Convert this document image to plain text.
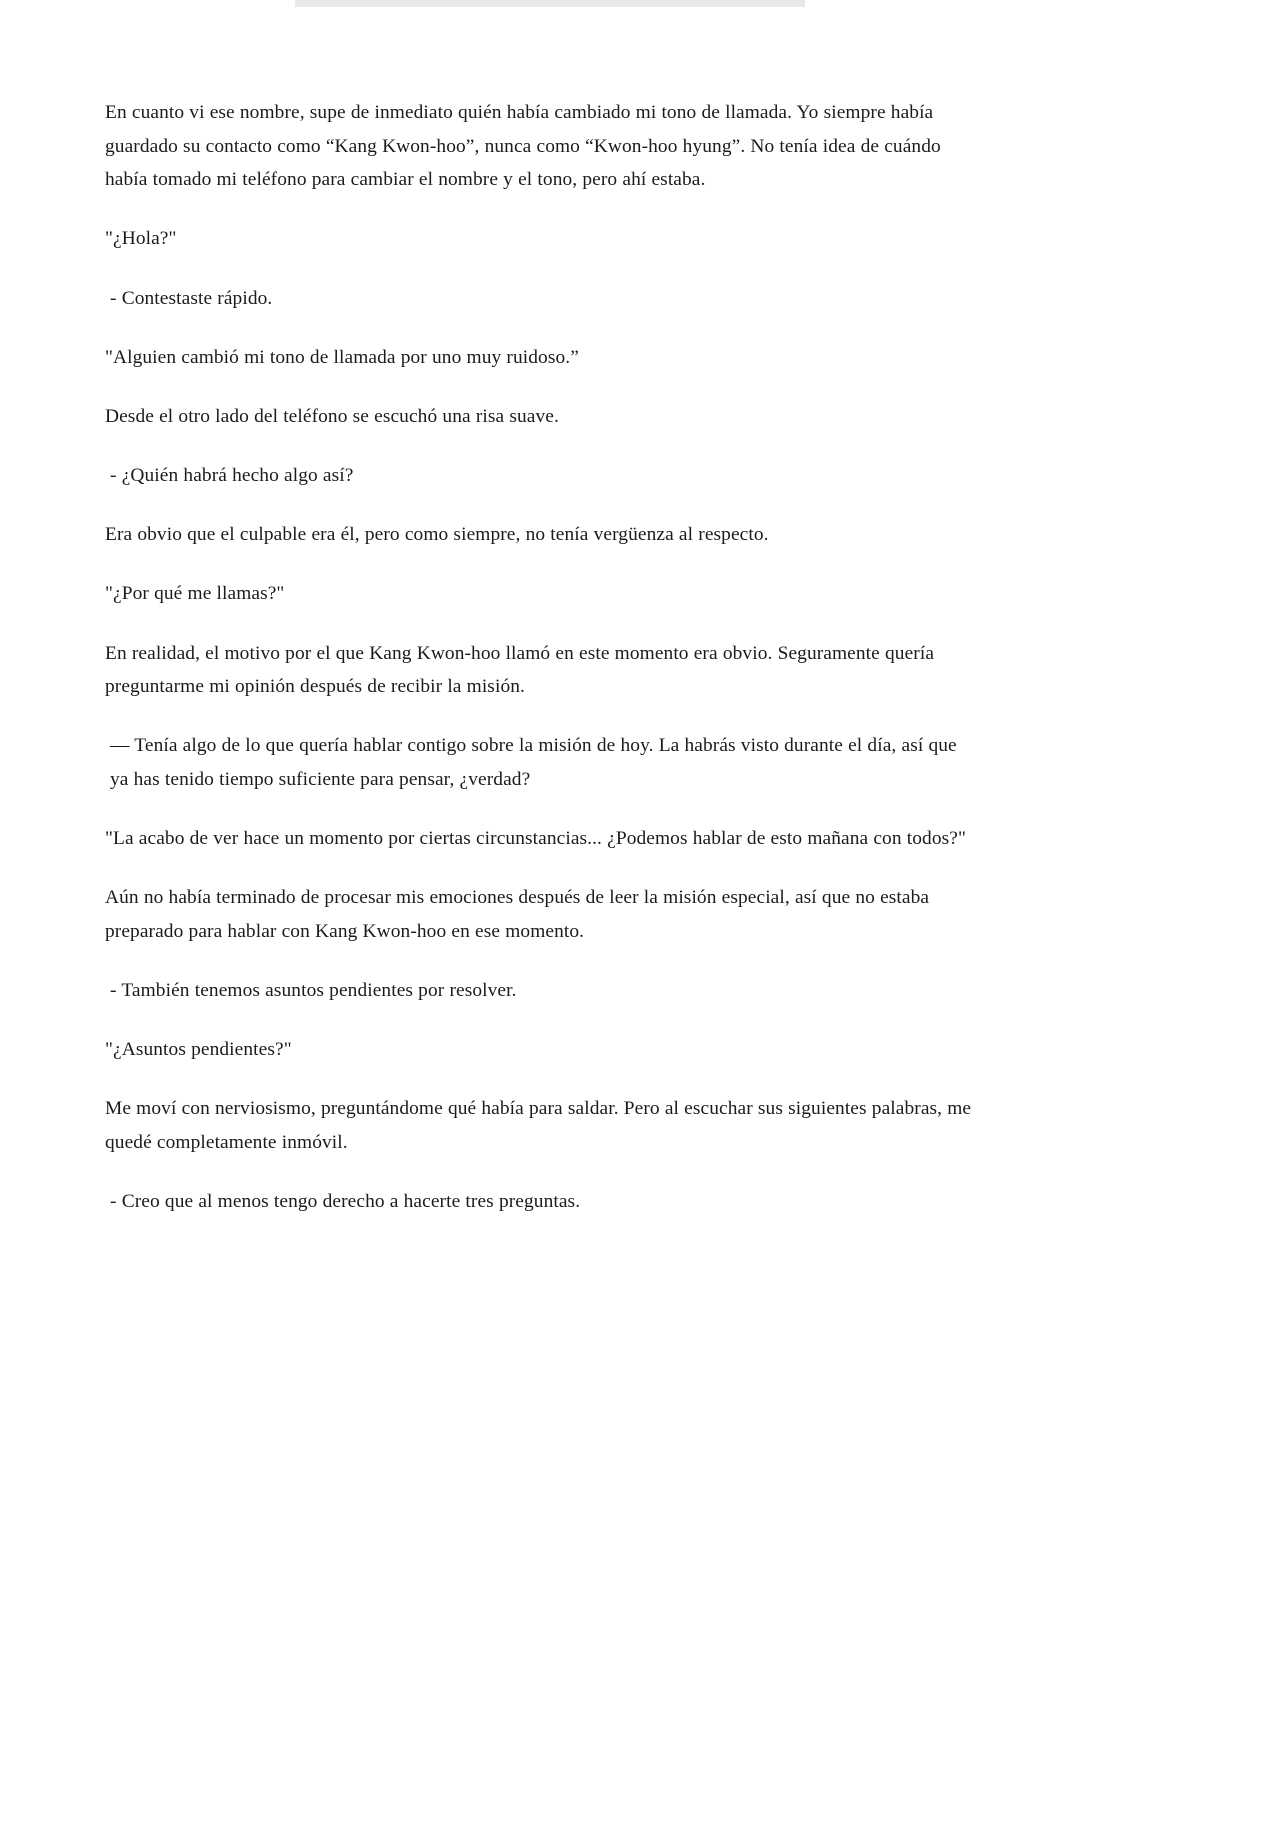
En cuanto vi ese nombre, supe de inmediato quién había cambiado mi tono de llamada. Yo siempre había guardado su contacto como “Kang Kwon-hoo”, nunca como “Kwon-hoo hyung”. No tenía idea de cuándo había tomado mi teléfono para cambiar el nombre y el tono, pero ahí estaba.

"¿Hola?"

- Contestaste rápido.

"Alguien cambió mi tono de llamada por uno muy ruidoso.”

Desde el otro lado del teléfono se escuchó una risa suave.

- ¿Quién habrá hecho algo así?

Era obvio que el culpable era él, pero como siempre, no tenía vergüenza al respecto.

"¿Por qué me llamas?"

En realidad, el motivo por el que Kang Kwon-hoo llamó en este momento era obvio. Seguramente quería preguntarme mi opinión después de recibir la misión.

— Tenía algo de lo que quería hablar contigo sobre la misión de hoy. La habrás visto durante el día, así que ya has tenido tiempo suficiente para pensar, ¿verdad?

"La acabo de ver hace un momento por ciertas circunstancias... ¿Podemos hablar de esto mañana con todos?"

Aún no había terminado de procesar mis emociones después de leer la misión especial, así que no estaba preparado para hablar con Kang Kwon-hoo en ese momento.

- También tenemos asuntos pendientes por resolver.

"¿Asuntos pendientes?"

Me moví con nerviosismo, preguntándome qué había para saldar. Pero al escuchar sus siguientes palabras, me quedé completamente inmóvil.

- Creo que al menos tengo derecho a hacerte tres preguntas.
